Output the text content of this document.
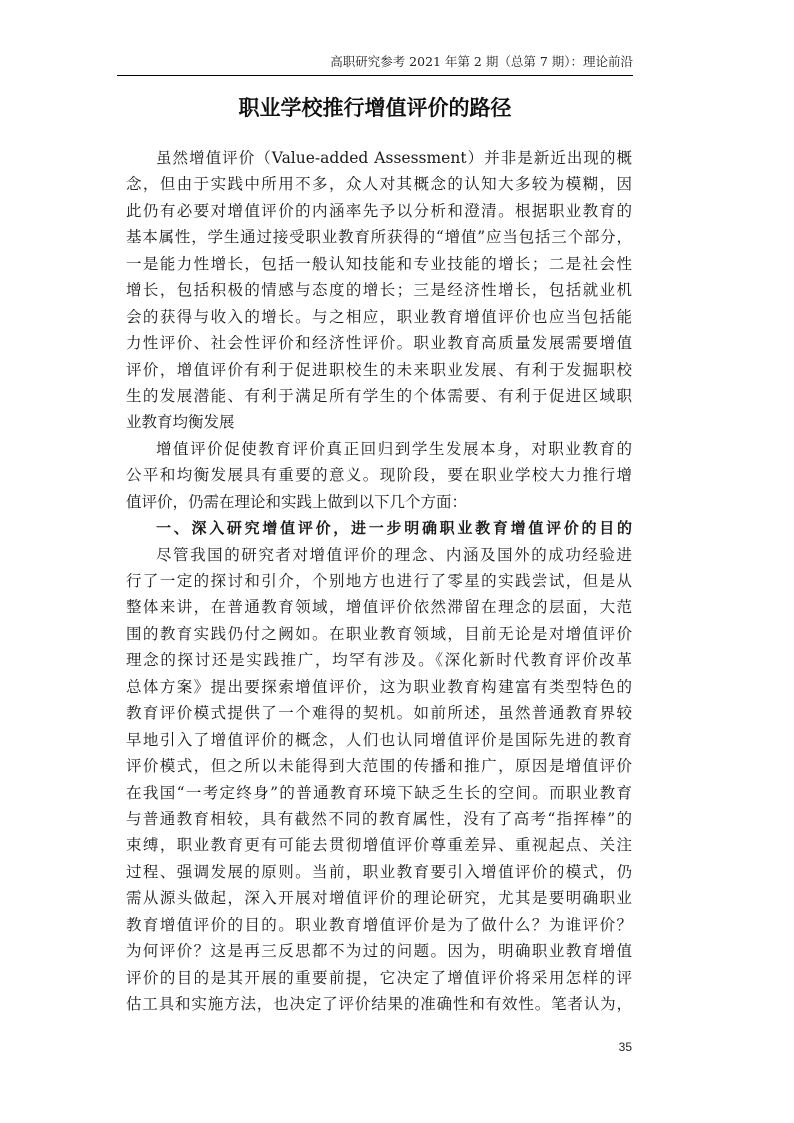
高职研究参考 2021 年第 2 期（总第 7 期）：理论前沿
职业学校推行增值评价的路径
虽然增值评价（Value-added Assessment）并非是新近出现的概
念，但由于实践中所用不多，众人对其概念的认知大多较为模糊，因
此仍有必要对增值评价的内涵率先予以分析和澄清。根据职业教育的
基本属性，学生通过接受职业教育所获得的“增值”应当包括三个部分，
一是能力性增长，包括一般认知技能和专业技能的增长；二是社会性
增长，包括积极的情感与态度的增长；三是经济性增长，包括就业机
会的获得与收入的增长。与之相应，职业教育增值评价也应当包括能
力性评价、社会性评价和经济性评价。职业教育高质量发展需要增值
评价，增值评价有利于促进职校生的未来职业发展、有利于发掘职校
生的发展潜能、有利于满足所有学生的个体需要、有利于促进区域职
业教育均衡发展
增值评价促使教育评价真正回归到学生发展本身，对职业教育的
公平和均衡发展具有重要的意义。现阶段，要在职业学校大力推行增
值评价，仍需在理论和实践上做到以下几个方面：
一、深入研究增值评价，进一步明确职业教育增值评价的目的
尽管我国的研究者对增值评价的理念、内涵及国外的成功经验进
行了一定的探讨和引介，个别地方也进行了零星的实践尝试，但是从
整体来讲，在普通教育领域，增值评价依然滞留在理念的层面，大范
围的教育实践仍付之阙如。在职业教育领域，目前无论是对增值评价
理念的探讨还是实践推广，均罕有涉及。《深化新时代教育评价改革
总体方案》提出要探索增值评价，这为职业教育构建富有类型特色的
教育评价模式提供了一个难得的契机。如前所述，虽然普通教育界较
早地引入了增值评价的概念，人们也认同增值评价是国际先进的教育
评价模式，但之所以未能得到大范围的传播和推广，原因是增值评价
在我国“一考定终身”的普通教育环境下缺乏生长的空间。而职业教育
与普通教育相较，具有截然不同的教育属性，没有了高考“指挥棒”的
束缚，职业教育更有可能去贯彻增值评价尊重差异、重视起点、关注
过程、强调发展的原则。当前，职业教育要引入增值评价的模式，仍
需从源头做起，深入开展对增值评价的理论研究，尤其是要明确职业
教育增值评价的目的。职业教育增值评价是为了做什么？为谁评价？
为何评价？这是再三反思都不为过的问题。因为，明确职业教育增值
评价的目的是其开展的重要前提，它决定了增值评价将采用怎样的评
估工具和实施方法，也决定了评价结果的准确性和有效性。笔者认为，
35
